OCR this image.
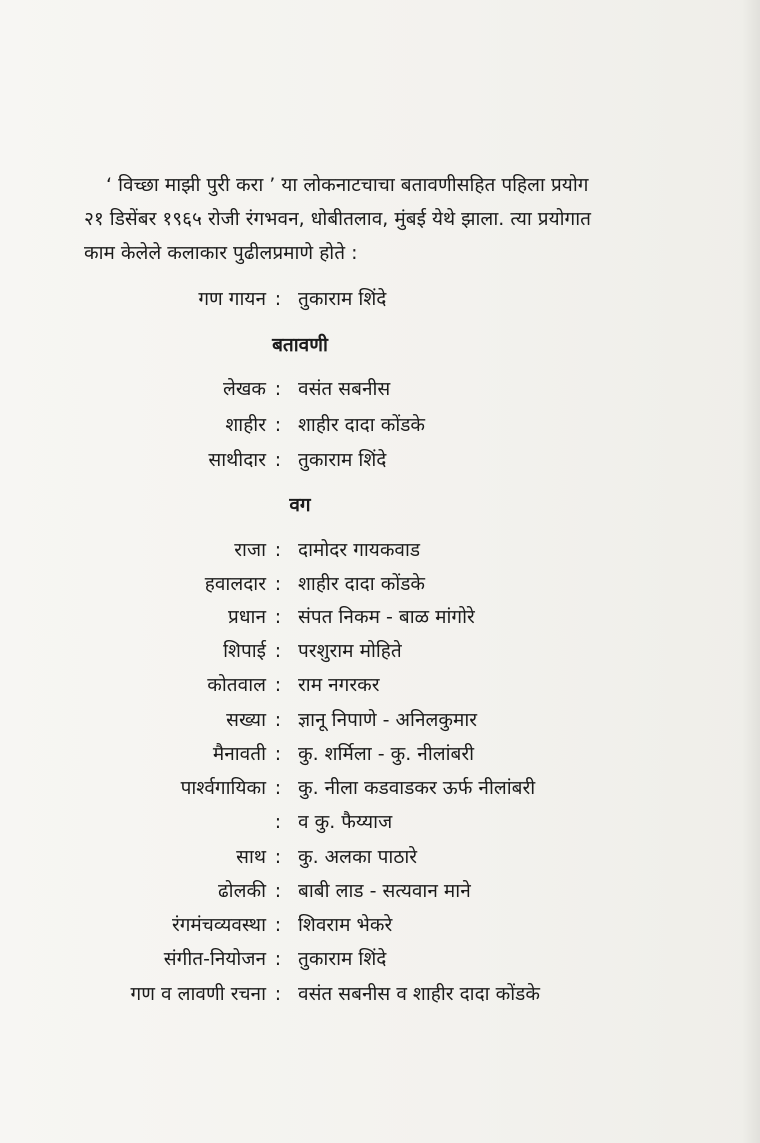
‘ विच्छा माझी पुरी करा ’ या लोकनाटचाचा बतावणीसहित पहिला प्रयोग

२१ डिसेंबर १९६५ रोजी रंगभवन, धोबीतलाव, मुंबई येथे झाला. त्या प्रयोगात

काम केलेले कलाकार पुढीलप्रमाणे होते :

गण गायन : तुकाराम शिंदे
बतावणी
लेखक : वसंत सबनीस
शाहीर : शाहीर दादा कोंडके
साथीदार : तुकाराम शिंदे
वग
राजा : दामोदर गायकवाड
हवालदार : शाहीर दादा कोंडके
प्रधान : संपत निकम - बाळ मांगोरे
शिपाई : परशुराम मोहिते
कोतवाल : राम नगरकर
सख्या : ज्ञानू निपाणे - अनिलकुमार
मैनावती : कु. शर्मिला - कु. नीलांबरी
पार्श्वगायिका : कु. नीला कडवाडकर ऊर्फ नीलांबरी
: व कु. फैय्याज
साथ : कु. अलका पाठारे
ढोलकी : बाबी लाड - सत्यवान माने
रंगमंचव्यवस्था : शिवराम भेकरे
संगीत-नियोजन : तुकाराम शिंदे
गण व लावणी रचना : वसंत सबनीस व शाहीर दादा कोंडके
